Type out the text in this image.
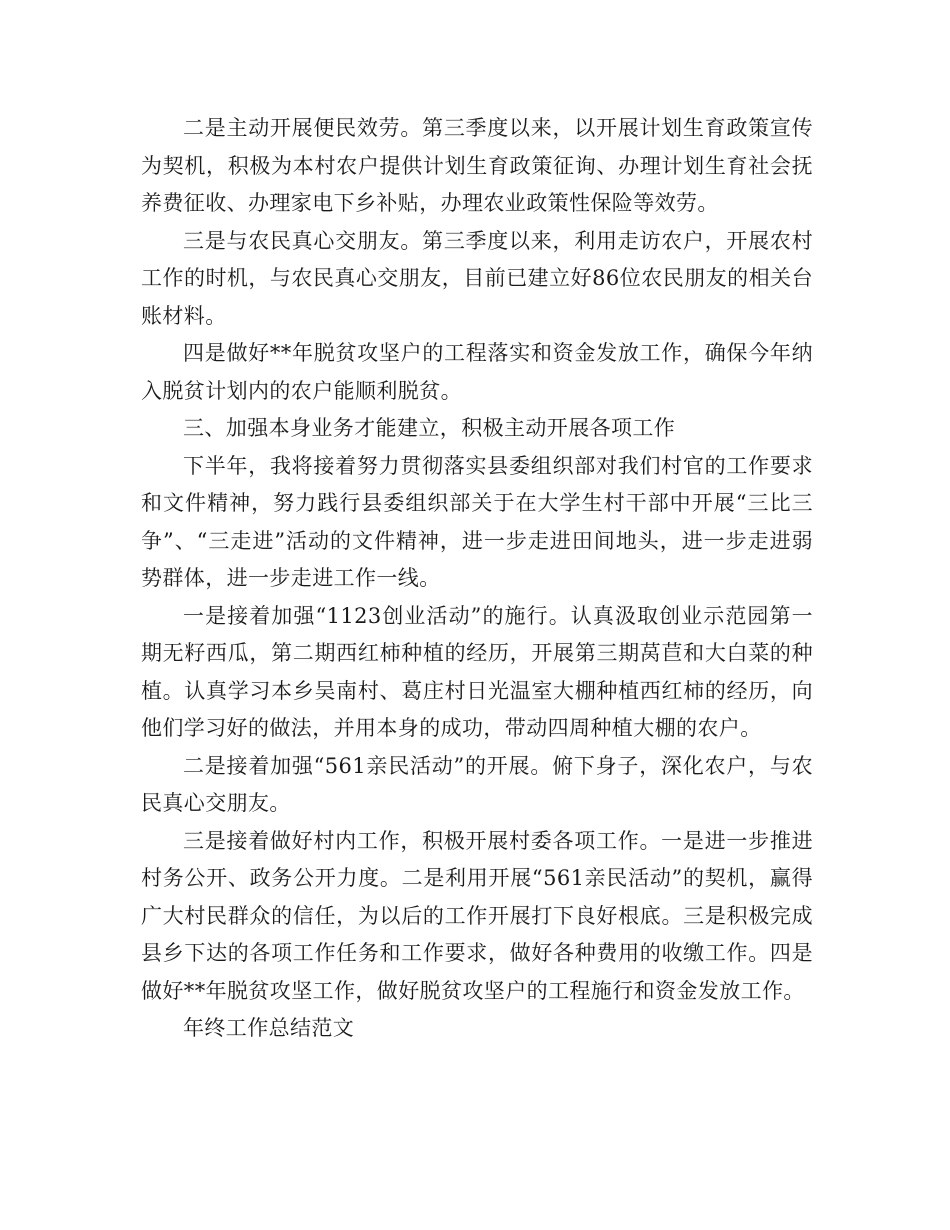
二是主动开展便民效劳。第三季度以来，以开展计划生育政策宣传为契机，积极为本村农户提供计划生育政策征询、办理计划生育社会抚养费征收、办理家电下乡补贴，办理农业政策性保险等效劳。

三是与农民真心交朋友。第三季度以来，利用走访农户，开展农村工作的时机，与农民真心交朋友，目前已建立好86位农民朋友的相关台账材料。

四是做好**年脱贫攻坚户的工程落实和资金发放工作，确保今年纳入脱贫计划内的农户能顺利脱贫。

三、加强本身业务才能建立，积极主动开展各项工作

下半年，我将接着努力贯彻落实县委组织部对我们村官的工作要求和文件精神，努力践行县委组织部关于在大学生村干部中开展“三比三争”、“三走进”活动的文件精神，进一步走进田间地头，进一步走进弱势群体，进一步走进工作一线。

一是接着加强“1123创业活动”的施行。认真汲取创业示范园第一期无籽西瓜，第二期西红柿种植的经历，开展第三期莴苣和大白菜的种植。认真学习本乡吴南村、葛庄村日光温室大棚种植西红柿的经历，向他们学习好的做法，并用本身的成功，带动四周种植大棚的农户。

二是接着加强“561亲民活动”的开展。俯下身子，深化农户，与农民真心交朋友。

三是接着做好村内工作，积极开展村委各项工作。一是进一步推进村务公开、政务公开力度。二是利用开展“561亲民活动”的契机，赢得广大村民群众的信任，为以后的工作开展打下良好根底。三是积极完成县乡下达的各项工作任务和工作要求，做好各种费用的收缴工作。四是做好**年脱贫攻坚工作，做好脱贫攻坚户的工程施行和资金发放工作。

年终工作总结范文
